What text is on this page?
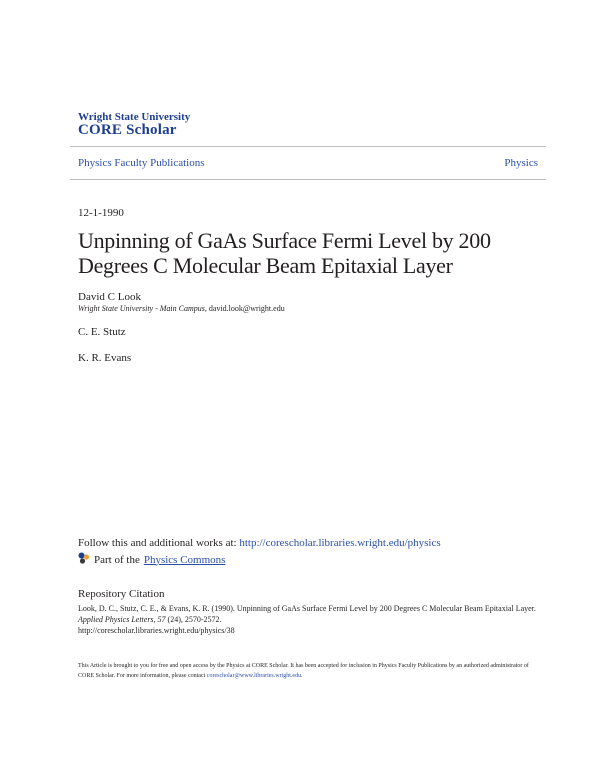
Wright State University
CORE Scholar
Physics Faculty Publications	Physics
12-1-1990
Unpinning of GaAs Surface Fermi Level by 200 Degrees C Molecular Beam Epitaxial Layer
David C Look
Wright State University - Main Campus, david.look@wright.edu
C. E. Stutz
K. R. Evans
Follow this and additional works at: http://corescholar.libraries.wright.edu/physics
Part of the Physics Commons
Repository Citation
Look, D. C., Stutz, C. E., & Evans, K. R. (1990). Unpinning of GaAs Surface Fermi Level by 200 Degrees C Molecular Beam Epitaxial Layer. Applied Physics Letters, 57 (24), 2570-2572.
http://corescholar.libraries.wright.edu/physics/38
This Article is brought to you for free and open access by the Physics at CORE Scholar. It has been accepted for inclusion in Physics Faculty Publications by an authorized administrator of CORE Scholar. For more information, please contact corescholar@www.libraries.wright.edu.
